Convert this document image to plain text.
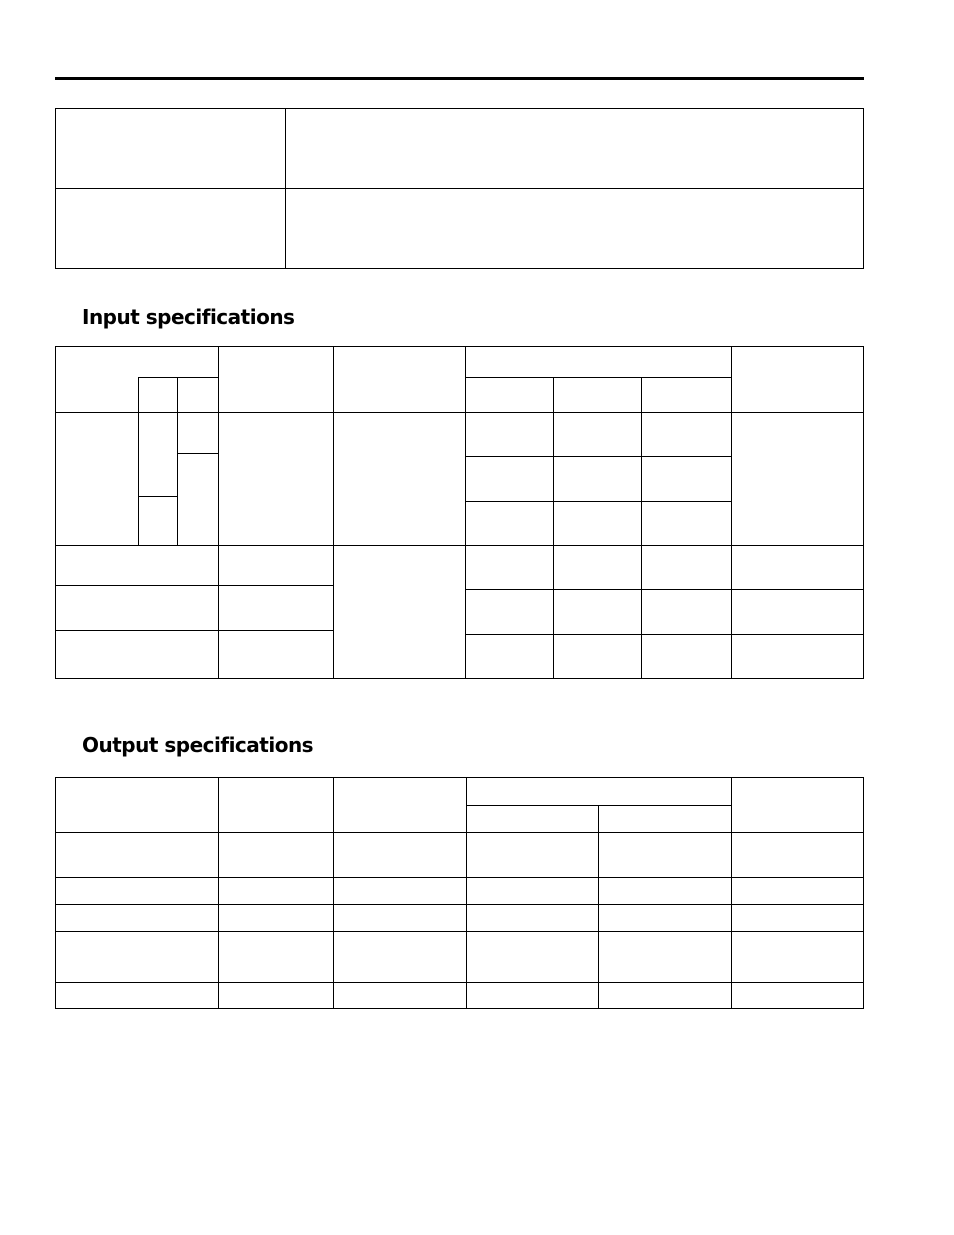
Input specifications
Output specifications
